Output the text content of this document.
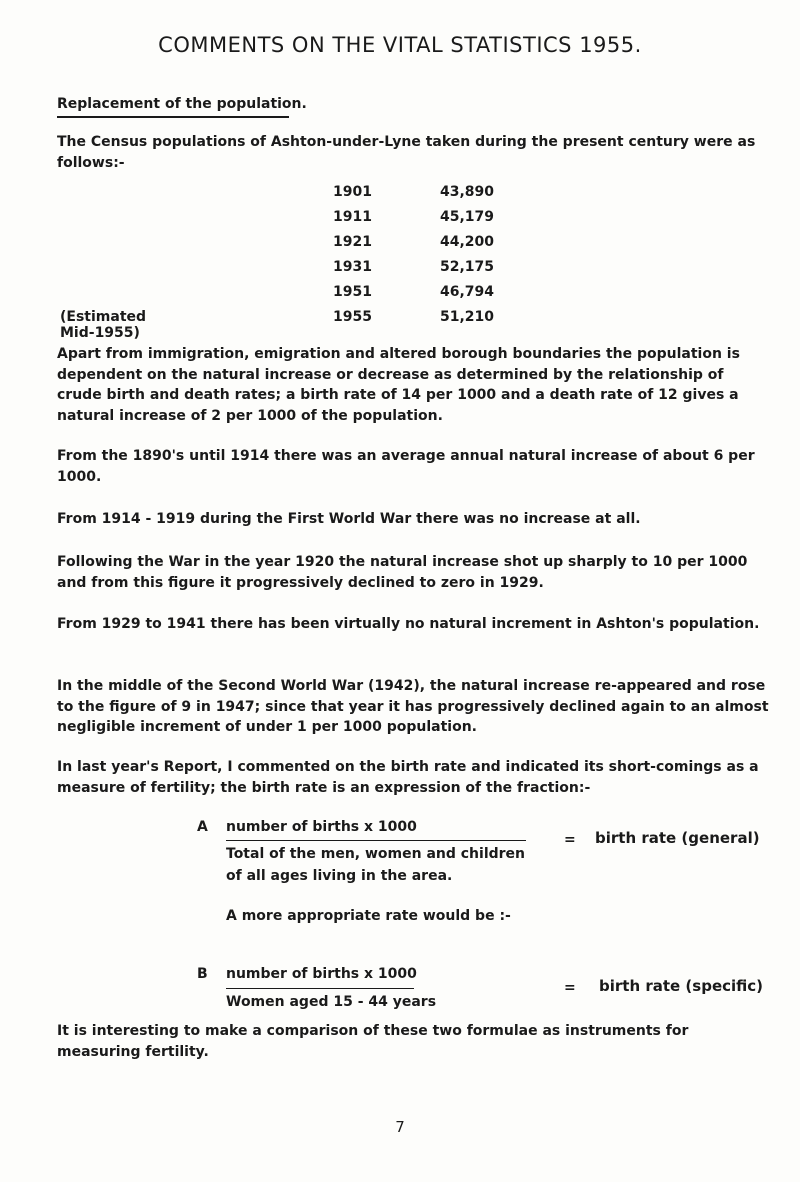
COMMENTS ON THE VITAL STATISTICS 1955.
Replacement of the population.

The Census populations of Ashton-under-Lyne taken during the present century were as follows:-

1901	43,890
1911	45,179
1921	44,200
1931	52,175
1951	46,794
(Estimated Mid-1955)
1955	51,210

Apart from immigration, emigration and altered borough boundaries the population is dependent on the natural increase or decrease as determined by the relationship of crude birth and death rates; a birth rate of 14 per 1000 and a death rate of 12 gives a natural increase of 2 per 1000 of the population.

From the 1890's until 1914 there was an average annual natural increase of about 6 per 1000.

From 1914 - 1919 during the First World War there was no increase at all.

Following the War in the year 1920 the natural increase shot up sharply to 10 per 1000 and from this figure it progressively declined to zero in 1929.

From 1929 to 1941 there has been virtually no natural increment in Ashton's population.

In the middle of the Second World War (1942), the natural increase re-appeared and rose to the figure of 9 in 1947; since that year it has progressively declined again to an almost negligible increment of under 1 per 1000 population.

In last year's Report, I commented on the birth rate and indicated its short-comings as a measure of fertility; the birth rate is an expression of the fraction:-

A number of births x 1000
Total of the men, women and children
of all ages living in the area.
= birth rate (general)

A more appropriate rate would be :-

B number of births x 1000
Women aged 15 - 44 years
= birth rate (specific)

It is interesting to make a comparison of these two formulae as instruments for measuring fertility.

7
